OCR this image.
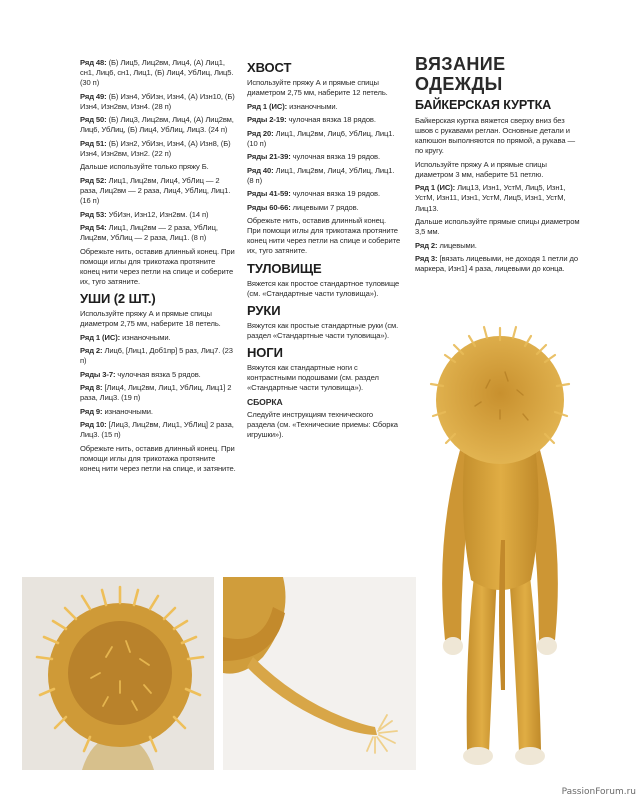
Ряд 48: (Б) Лиц5, Лиц2вм, Лиц4, (А) Лиц1, сн1, Лиц6, сн1, Лиц1, (Б) Лиц4, УбЛиц, Лиц5. (30 п)

Ряд 49: (Б) Изн4, УбИзн, Изн4, (А) Изн10, (Б) Изн4, Изн2вм, Изн4. (28 п)

Ряд 50: (Б) Лиц3, Лиц2вм, Лиц4, (А) Лиц2вм, Лиц6, УбЛиц, (Б) Лиц4, УбЛиц, Лиц3. (24 п)

Ряд 51: (Б) Изн2, УбИзн, Изн4, (А) Изн8, (Б) Изн4, Изн2вм, Изн2. (22 п)

Дальше используйте только пряжу Б.

Ряд 52: Лиц1, Лиц2вм, Лиц4, УбЛиц — 2 раза, Лиц2вм — 2 раза, Лиц4, УбЛиц, Лиц1. (16 п)

Ряд 53: УбИзн, Изн12, Изн2вм. (14 п)

Ряд 54: Лиц1, Лиц2вм — 2 раза, УбЛиц, Лиц2вм, УбЛиц — 2 раза, Лиц1. (8 п)

Обрежьте нить, оставив длинный конец. При помощи иглы для трикотажа протяните конец нити через петли на спице и соберите их, туго затяните.

УШИ (2 ШТ.)

Используйте пряжу А и прямые спицы диаметром 2,75 мм, наберите 18 петель.

Ряд 1 (ИС): изнаночными.

Ряд 2: Лиц6, [Лиц1, Доб1пр] 5 раз, Лиц7. (23 п)

Ряды 3-7: чулочная вязка 5 рядов.

Ряд 8: [Лиц4, Лиц2вм, Лиц1, УбЛиц, Лиц1] 2 раза, Лиц3. (19 п)

Ряд 9: изнаночными.

Ряд 10: [Лиц3, Лиц2вм, Лиц1, УбЛиц] 2 раза, Лиц3. (15 п)

Обрежьте нить, оставив длинный конец. При помощи иглы для трикотажа протяните конец нити через петли на спице, и затяните.

ХВОСТ

Используйте пряжу А и прямые спицы диаметром 2,75 мм, наберите 12 петель.

Ряд 1 (ИС): изнаночными.

Ряды 2-19: чулочная вязка 18 рядов.

Ряд 20: Лиц1, Лиц2вм, Лиц6, УбЛиц, Лиц1. (10 п)

Ряды 21-39: чулочная вязка 19 рядов.

Ряд 40: Лиц1, Лиц2вм, Лиц4, УбЛиц, Лиц1. (8 п)

Ряды 41-59: чулочная вязка 19 рядов.

Ряды 60-66: лицевыми 7 рядов.

Обрежьте нить, оставив длинный конец. При помощи иглы для трикотажа протяните конец нити через петли на спице и соберите их, туго затяните.

ТУЛОВИЩЕ

Вяжется как простое стандартное туловище (см. «Стандартные части туловища»).

РУКИ

Вяжутся как простые стандартные руки (см. раздел «Стандартные части туловища»).

НОГИ

Вяжутся как стандартные ноги с контрастными подошвами (см. раздел «Стандартные части туловища»).

СБОРКА

Следуйте инструкциям технического раздела (см. «Технические приемы: Сборка игрушки»).

ВЯЗАНИЕ
ОДЕЖДЫ
БАЙКЕРСКАЯ КУРТКА

Байкерская куртка вяжется сверху вниз без швов с рукавами реглан. Основные детали и капюшон выполняются по прямой, а рукава — по кругу.

Используйте пряжу А и прямые спицы диаметром 3 мм, наберите 51 петлю.

Ряд 1 (ИС): Лиц13, Изн1, УстМ, Лиц5, Изн1, УстМ, Изн11, Изн1, УстМ, Лиц5, Изн1, УстМ, Лиц13.

Дальше используйте прямые спицы диаметром 3,5 мм.

Ряд 2: лицевыми.

Ряд 3: [вязать лицевыми, не доходя 1 петли до маркера, Изн1] 4 раза, лицевыми до конца.

PassionForum.ru
